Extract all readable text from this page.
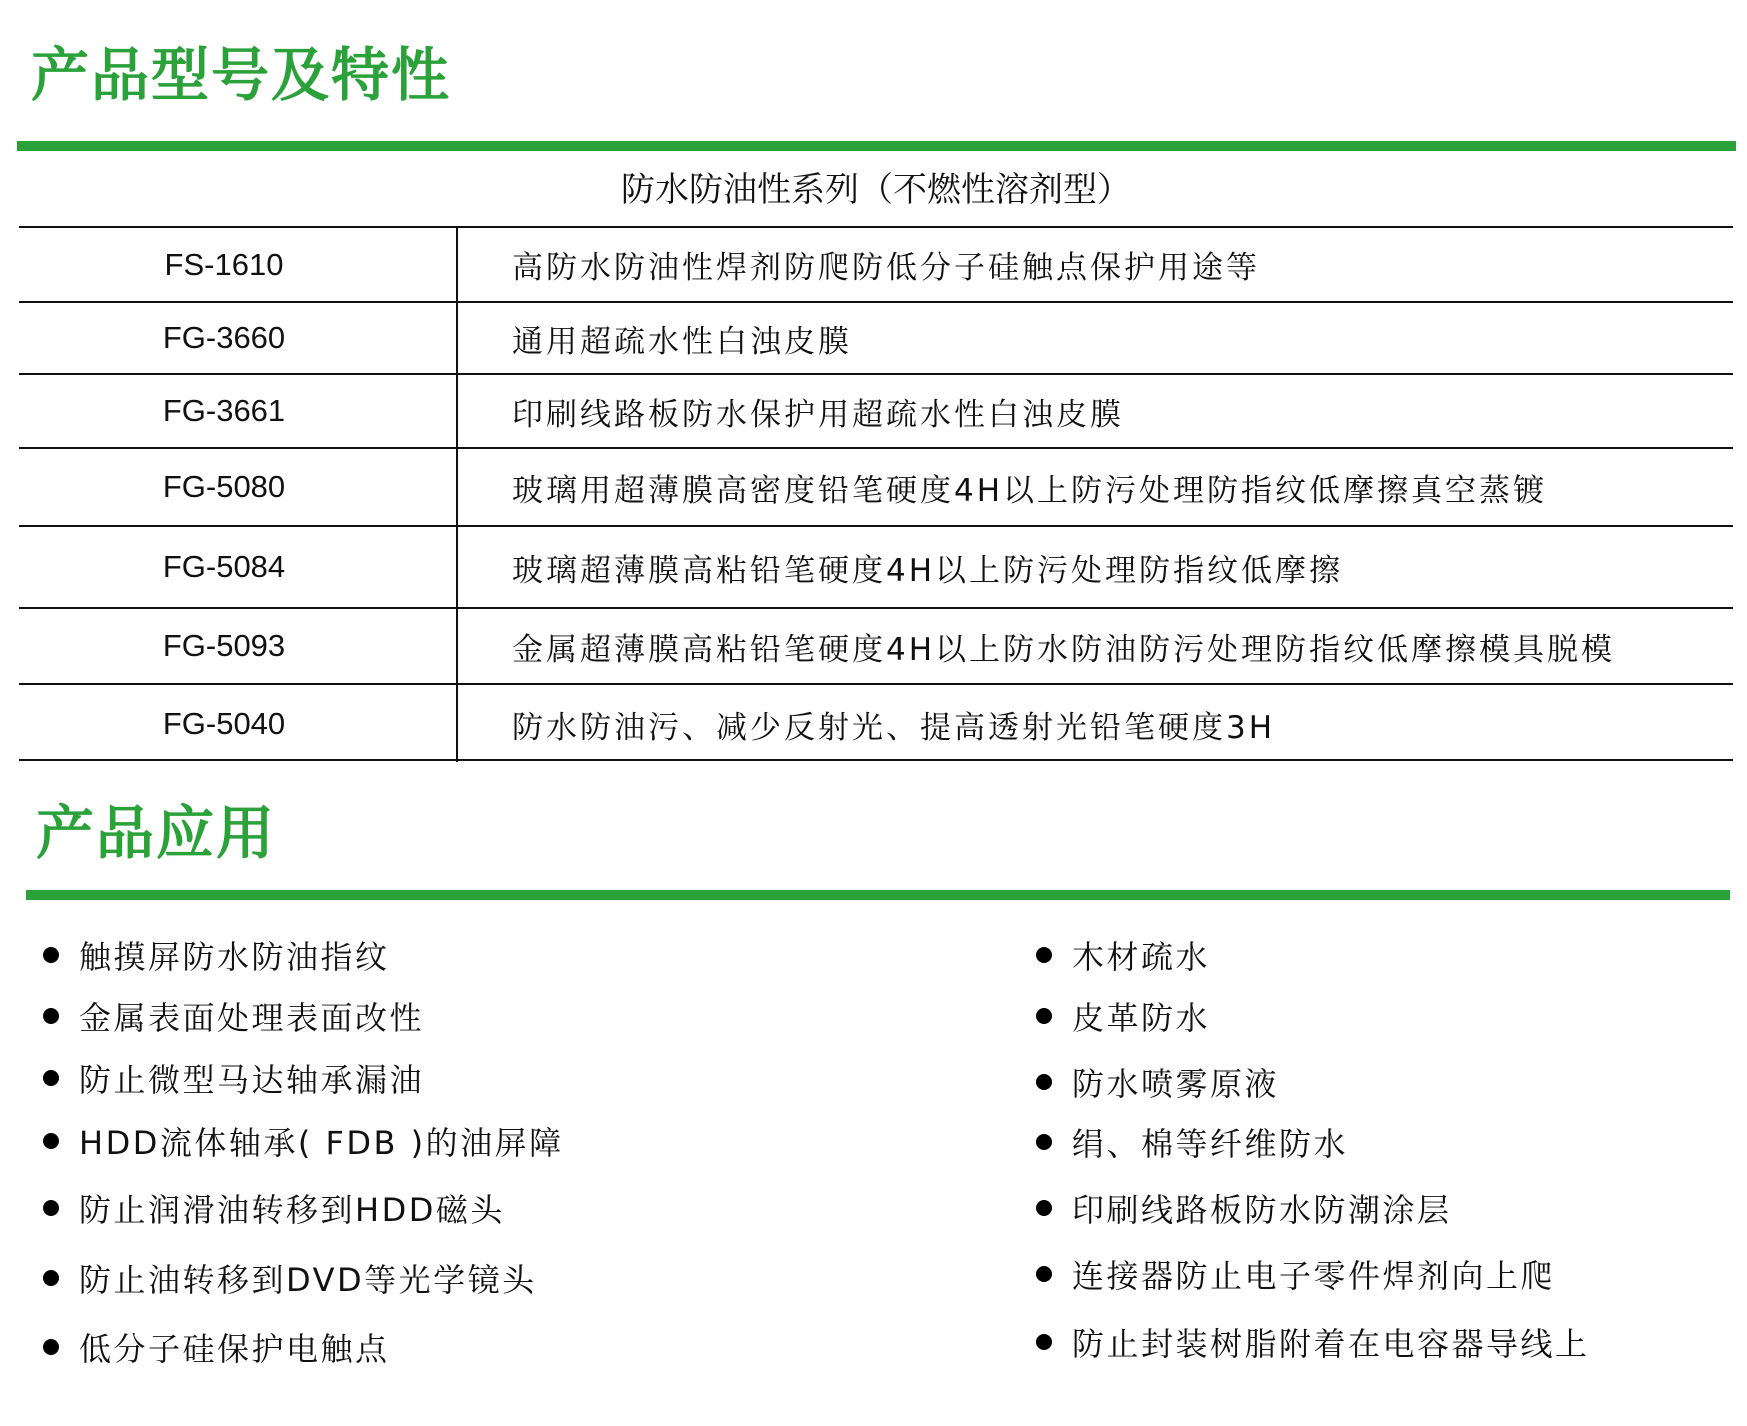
产品型号及特性
防水防油性系列（不燃性溶剂型）
FS-1610	高防水防油性焊剂防爬防低分子硅触点保护用途等
FG-3660	通用超疏水性白浊皮膜
FG-3661	印刷线路板防水保护用超疏水性白浊皮膜
FG-5080	玻璃用超薄膜高密度铅笔硬度4H以上防污处理防指纹低摩擦真空蒸镀
FG-5084	玻璃超薄膜高粘铅笔硬度4H以上防污处理防指纹低摩擦
FG-5093	金属超薄膜高粘铅笔硬度4H以上防水防油防污处理防指纹低摩擦模具脱模
FG-5040	防水防油污、减少反射光、提高透射光铅笔硬度3H
产品应用
触摸屏防水防油指纹
金属表面处理表面改性
防止微型马达轴承漏油
HDD流体轴承( FDB )的油屏障
防止润滑油转移到HDD磁头
防止油转移到DVD等光学镜头
低分子硅保护电触点
木材疏水
皮革防水
防水喷雾原液
绢、棉等纤维防水
印刷线路板防水防潮涂层
连接器防止电子零件焊剂向上爬
防止封装树脂附着在电容器导线上
